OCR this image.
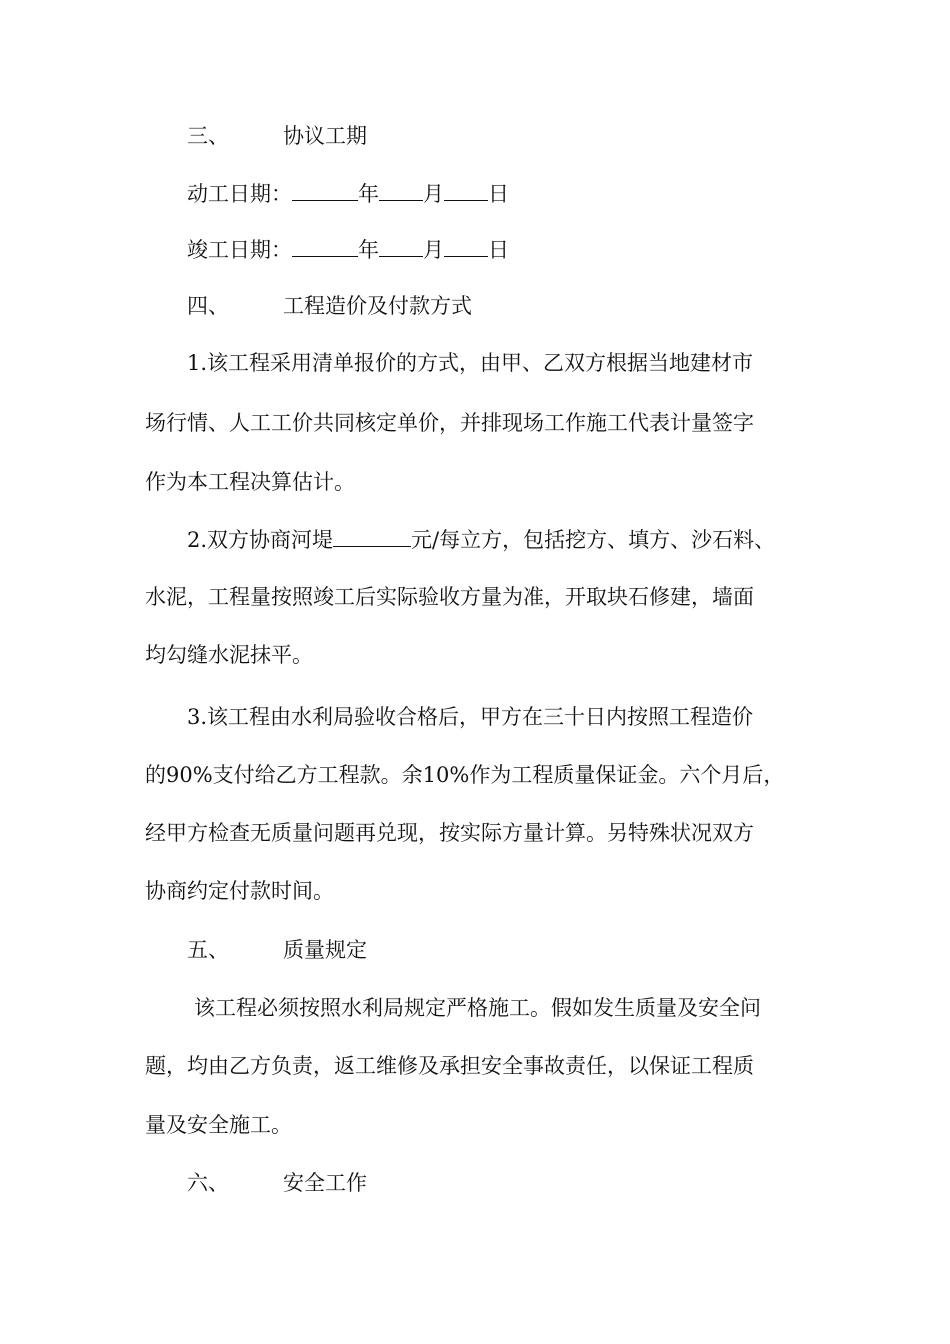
三、	协议工期
动工日期：	年 月 日
竣工日期：	年 月 日
四、	工程造价及付款方式
1.该工程采用清单报价的方式，由甲、乙双方根据当地建材市
场行情、人工工价共同核定单价，并排现场工作施工代表计量签字
作为本工程决算估计。
2.双方协商河堤	元/每立方，包括挖方、填方、沙石料、
水泥，工程量按照竣工后实际验收方量为准，开取块石修建，墙面
均勾缝水泥抹平。
3.该工程由水利局验收合格后，甲方在三十日内按照工程造价
的90%支付给乙方工程款。余10%作为工程质量保证金。六个月后，
经甲方检查无质量问题再兑现，按实际方量计算。另特殊状况双方
协商约定付款时间。
五、	质量规定
该工程必须按照水利局规定严格施工。假如发生质量及安全问
题，均由乙方负责，返工维修及承担安全事故责任，以保证工程质
量及安全施工。
六、	安全工作
